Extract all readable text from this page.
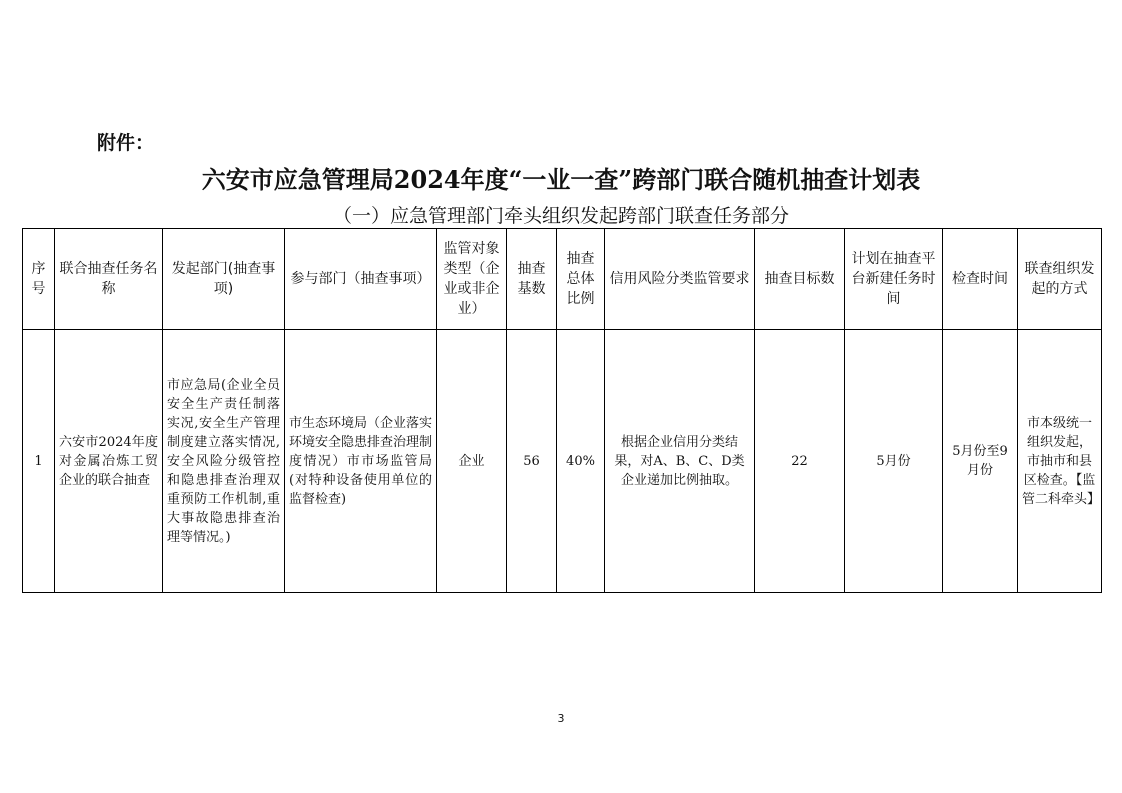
附件：
六安市应急管理局2024年度“一业一查”跨部门联合随机抽查计划表
（一）应急管理部门牵头组织发起跨部门联查任务部分
序号	联合抽查任务名称	发起部门(抽查事项)	参与部门（抽查事项）	监管对象类型（企业或非企业）	抽查基数	抽查总体比例	信用风险分类监管要求	抽查目标数	计划在抽查平台新建任务时间	检查时间	联查组织发起的方式
1	六安市2024年度对金属冶炼工贸企业的联合抽查	市应急局(企业全员安全生产责任制落实况,安全生产管理制度建立落实情况,安全风险分级管控和隐患排查治理双重预防工作机制,重大事故隐患排查治理等情况。)	市生态环境局（企业落实环境安全隐患排查治理制度情况）市市场监管局(对特种设备使用单位的监督检查)	企业	56	40%	根据企业信用分类结果，对A、B、C、D类企业递加比例抽取。	22	5月份	5月份至9月份	市本级统一组织发起，市抽市和县区检查。【监管二科牵头】
3
